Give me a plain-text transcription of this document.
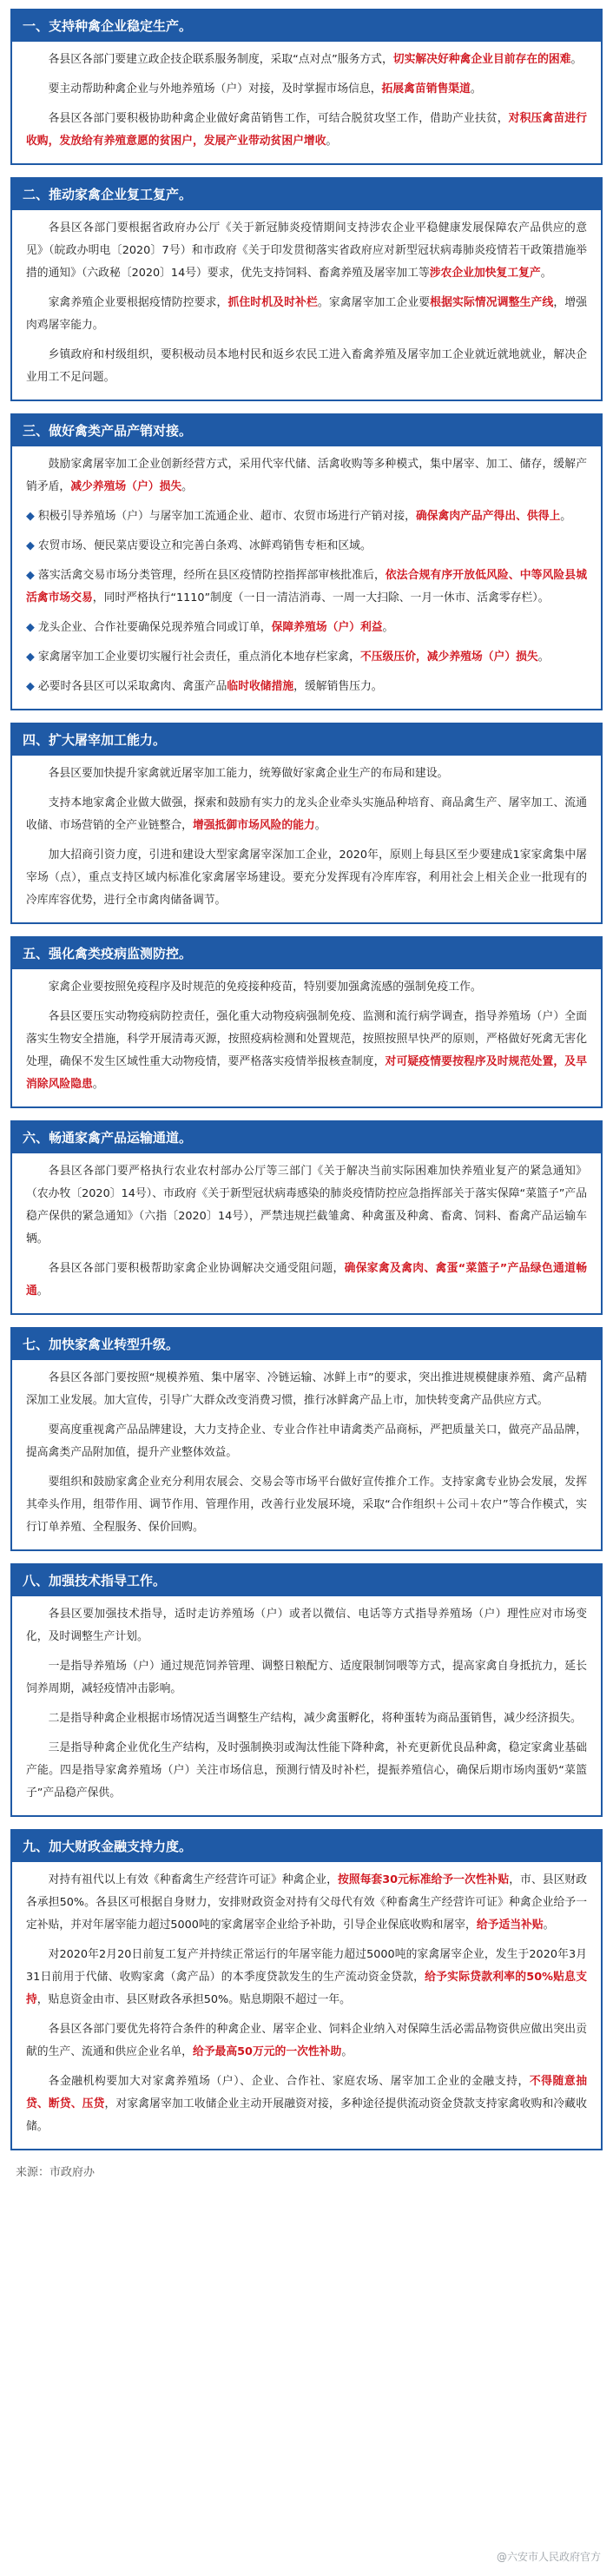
一、支持种禽企业稳定生产。

各县区各部门要建立政企技企联系服务制度，采取“点对点”服务方式，切实解决好种禽企业目前存在的困难。

要主动帮助种禽企业与外地养殖场（户）对接，及时掌握市场信息，拓展禽苗销售渠道。

各县区各部门要积极协助种禽企业做好禽苗销售工作，可结合脱贫攻坚工作，借助产业扶贫，对积压禽苗进行收购，发放给有养殖意愿的贫困户，发展产业带动贫困户增收。

二、推动家禽企业复工复产。

各县区各部门要根据省政府办公厅《关于新冠肺炎疫情期间支持涉农企业平稳健康发展保障农产品供应的意见》（皖政办明电〔2020〕7号）和市政府《关于印发贯彻落实省政府应对新型冠状病毒肺炎疫情若干政策措施举措的通知》（六政秘〔2020〕14号）要求，优先支持饲料、畜禽养殖及屠宰加工等涉农企业加快复工复产。

家禽养殖企业要根据疫情防控要求，抓住时机及时补栏。家禽屠宰加工企业要根据实际情况调整生产线，增强肉鸡屠宰能力。

乡镇政府和村级组织，要积极动员本地村民和返乡农民工进入畜禽养殖及屠宰加工企业就近就地就业，解决企业用工不足问题。

三、做好禽类产品产销对接。

鼓励家禽屠宰加工企业创新经营方式，采用代宰代储、活禽收购等多种模式，集中屠宰、加工、储存，缓解产销矛盾，减少养殖场（户）损失。

◆ 积极引导养殖场（户）与屠宰加工流通企业、超市、农贸市场进行产销对接，确保禽肉产品产得出、供得上。

◆ 农贸市场、便民菜店要设立和完善白条鸡、冰鲜鸡销售专柜和区域。

◆ 落实活禽交易市场分类管理，经所在县区疫情防控指挥部审核批准后，依法合规有序开放低风险、中等风险县城活禽市场交易，同时严格执行“1110”制度（一日一清洁消毒、一周一大扫除、一月一休市、活禽零存栏）。

◆ 龙头企业、合作社要确保兑现养殖合同或订单，保障养殖场（户）利益。

◆ 家禽屠宰加工企业要切实履行社会责任，重点消化本地存栏家禽，不压级压价，减少养殖场（户）损失。

◆ 必要时各县区可以采取禽肉、禽蛋产品临时收储措施，缓解销售压力。

四、扩大屠宰加工能力。

各县区要加快提升家禽就近屠宰加工能力，统筹做好家禽企业生产的布局和建设。

支持本地家禽企业做大做强，探索和鼓励有实力的龙头企业牵头实施品种培育、商品禽生产、屠宰加工、流通收储、市场营销的全产业链整合，增强抵御市场风险的能力。

加大招商引资力度，引进和建设大型家禽屠宰深加工企业，2020年，原则上每县区至少要建成1家家禽集中屠宰场（点），重点支持区域内标准化家禽屠宰场建设。要充分发挥现有冷库库容，利用社会上相关企业一批现有的冷库库容优势，进行全市禽肉储备调节。

五、强化禽类疫病监测防控。

家禽企业要按照免疫程序及时规范的免疫接种疫苗，特别要加强禽流感的强制免疫工作。

各县区要压实动物疫病防控责任，强化重大动物疫病强制免疫、监测和流行病学调查，指导养殖场（户）全面落实生物安全措施，科学开展清毒灭源，按照疫病检测和处置规范，按照按照早快严的原则，严格做好死禽无害化处理，确保不发生区域性重大动物疫情，要严格落实疫情举报核查制度，对可疑疫情要按程序及时规范处置，及早消除风险隐患。

六、畅通家禽产品运输通道。

各县区各部门要严格执行农业农村部办公厅等三部门《关于解决当前实际困难加快养殖业复产的紧急通知》（农办牧〔2020〕14号）、市政府《关于新型冠状病毒感染的肺炎疫情防控应急指挥部关于落实保障“菜篮子”产品稳产保供的紧急通知》（六指〔2020〕14号），严禁违规拦截雏禽、种禽蛋及种禽、畜禽、饲料、畜禽产品运输车辆。

各县区各部门要积极帮助家禽企业协调解决交通受阻问题，确保家禽及禽肉、禽蛋“菜篮子”产品绿色通道畅通。

七、加快家禽业转型升级。

各县区各部门要按照“规模养殖、集中屠宰、冷链运输、冰鲜上市”的要求，突出推进规模健康养殖、禽产品精深加工业发展。加大宣传，引导广大群众改变消费习惯，推行冰鲜禽产品上市，加快转变禽产品供应方式。

要高度重视禽产品品牌建设，大力支持企业、专业合作社申请禽类产品商标，严把质量关口，做亮产品品牌，提高禽类产品附加值，提升产业整体效益。

要组织和鼓励家禽企业充分利用农展会、交易会等市场平台做好宣传推介工作。支持家禽专业协会发展，发挥其牵头作用，组带作用、调节作用、管理作用，改善行业发展环境，采取“合作组织＋公司＋农户”等合作模式，实行订单养殖、全程服务、保价回购。

八、加强技术指导工作。

各县区要加强技术指导，适时走访养殖场（户）或者以微信、电话等方式指导养殖场（户）理性应对市场变化，及时调整生产计划。

一是指导养殖场（户）通过规范饲养管理、调整日粮配方、适度限制饲喂等方式，提高家禽自身抵抗力，延长饲养周期，减轻疫情冲击影响。

二是指导种禽企业根据市场情况适当调整生产结构，减少禽蛋孵化，将种蛋转为商品蛋销售，减少经济损失。

三是指导种禽企业优化生产结构，及时强制换羽或淘汰性能下降种禽，补充更新优良品种禽，稳定家禽业基础产能。四是指导家禽养殖场（户）关注市场信息，预测行情及时补栏，提振养殖信心，确保后期市场肉蛋奶“菜篮子”产品稳产保供。

九、加大财政金融支持力度。

对持有祖代以上有效《种畜禽生产经营许可证》种禽企业，按照每套30元标准给予一次性补贴，市、县区财政各承担50%。各县区可根据自身财力，安排财政资金对持有父母代有效《种畜禽生产经营许可证》种禽企业给予一定补贴，并对年屠宰能力超过5000吨的家禽屠宰企业给予补助，引导企业保底收购和屠宰，给予适当补贴。

对2020年2月20日前复工复产并持续正常运行的年屠宰能力超过5000吨的家禽屠宰企业，发生于2020年3月31日前用于代储、收购家禽（禽产品）的本季度贷款发生的生产流动资金贷款，给予实际贷款利率的50%贴息支持，贴息资金由市、县区财政各承担50%。贴息期限不超过一年。

各县区各部门要优先将符合条件的种禽企业、屠宰企业、饲料企业纳入对保障生活必需品物资供应做出突出贡献的生产、流通和供应企业名单，给予最高50万元的一次性补助。

各金融机构要加大对家禽养殖场（户）、企业、合作社、家庭农场、屠宰加工企业的金融支持，不得随意抽贷、断贷、压贷，对家禽屠宰加工收储企业主动开展融资对接，多种途径提供流动资金贷款支持家禽收购和冷藏收储。

来源：市政府办
@六安市人民政府官方
